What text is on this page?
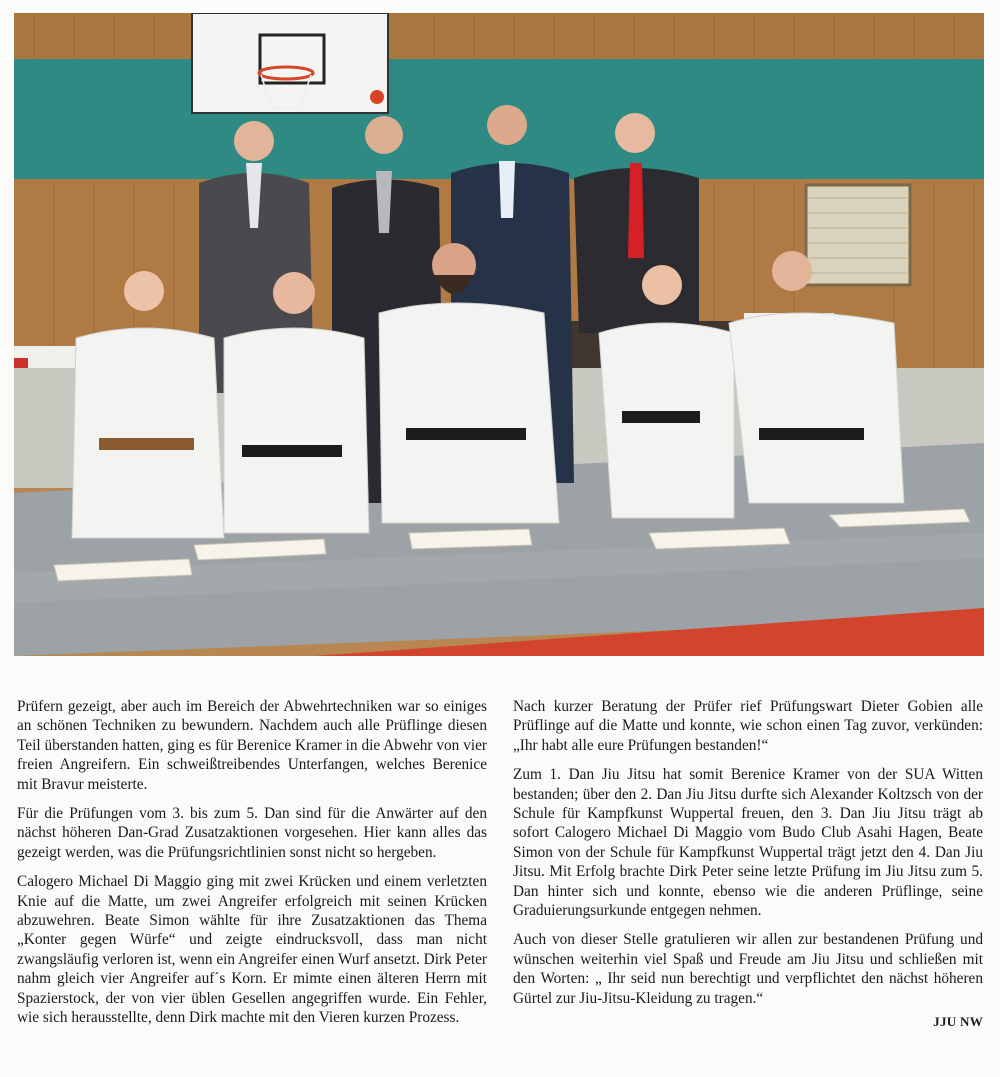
Prüfern gezeigt, aber auch im Bereich der Abwehrtechniken war so einiges an schönen Techniken zu bewundern. Nachdem auch alle Prüflinge diesen Teil überstanden hatten, ging es für Berenice Kramer in die Abwehr von vier freien Angreifern. Ein schweißtreibendes Unterfangen, welches Berenice mit Bravur meisterte.

Für die Prüfungen vom 3. bis zum 5. Dan sind für die Anwärter auf den nächst höheren Dan-Grad Zusatzaktionen vorgesehen. Hier kann alles das gezeigt werden, was die Prüfungsrichtlinien sonst nicht so hergeben.

Calogero Michael Di Maggio ging mit zwei Krücken und einem verletzten Knie auf die Matte, um zwei Angreifer erfolgreich mit seinen Krücken abzuwehren. Beate Simon wählte für ihre Zusatzaktionen das Thema „Konter gegen Würfe“ und zeigte eindrucksvoll, dass man nicht zwangsläufig verloren ist, wenn ein Angreifer einen Wurf ansetzt. Dirk Peter nahm gleich vier Angreifer auf´s Korn. Er mimte einen älteren Herrn mit Spazierstock, der von vier üblen Gesellen angegriffen wurde. Ein Fehler, wie sich herausstellte, denn Dirk machte mit den Vieren kurzen Prozess.

Nach kurzer Beratung der Prüfer rief Prüfungswart Dieter Gobien alle Prüflinge auf die Matte und konnte, wie schon einen Tag zuvor, verkünden: „Ihr habt alle eure Prüfungen bestanden!“

Zum 1. Dan Jiu Jitsu hat somit Berenice Kramer von der SUA Witten bestanden; über den 2. Dan Jiu Jitsu durfte sich Alexander Koltzsch von der Schule für Kampfkunst Wuppertal freuen, den 3. Dan Jiu Jitsu trägt ab sofort Calogero Michael Di Maggio vom Budo Club Asahi Hagen, Beate Simon von der Schule für Kampfkunst Wuppertal trägt jetzt den 4. Dan Jiu Jitsu. Mit Erfolg brachte Dirk Peter seine letzte Prüfung im Jiu Jitsu zum 5. Dan hinter sich und konnte, ebenso wie die anderen Prüflinge, seine Graduierungsurkunde entgegen nehmen.

Auch von dieser Stelle gratulieren wir allen zur bestandenen Prüfung und wünschen weiterhin viel Spaß und Freude am Jiu Jitsu und schließen mit den Worten: „ Ihr seid nun berechtigt und verpflichtet den nächst höheren Gürtel zur Jiu-Jitsu-Kleidung zu tragen.“

JJU NW
